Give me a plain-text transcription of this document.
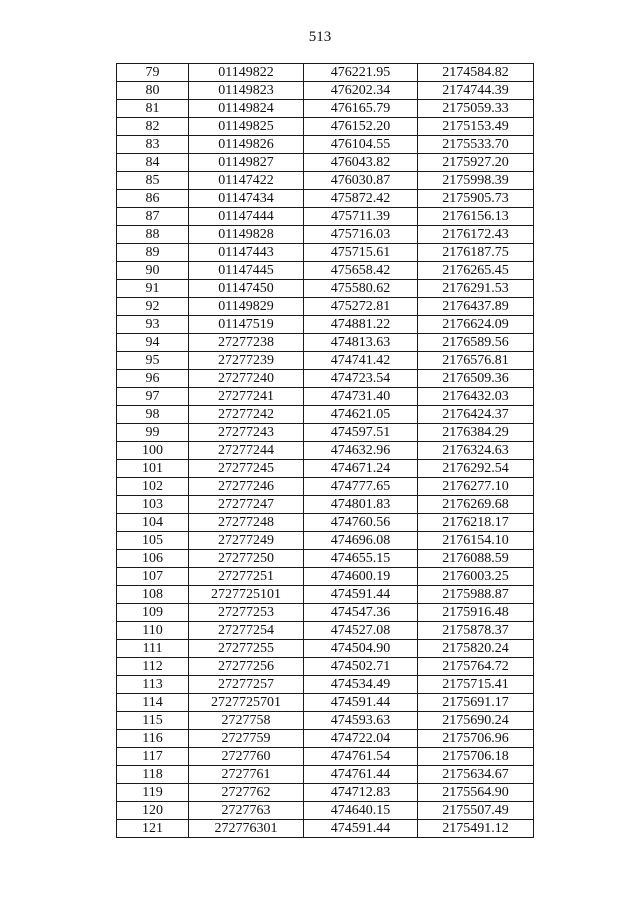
513
79	01149822	476221.95	2174584.82
80	01149823	476202.34	2174744.39
81	01149824	476165.79	2175059.33
82	01149825	476152.20	2175153.49
83	01149826	476104.55	2175533.70
84	01149827	476043.82	2175927.20
85	01147422	476030.87	2175998.39
86	01147434	475872.42	2175905.73
87	01147444	475711.39	2176156.13
88	01149828	475716.03	2176172.43
89	01147443	475715.61	2176187.75
90	01147445	475658.42	2176265.45
91	01147450	475580.62	2176291.53
92	01149829	475272.81	2176437.89
93	01147519	474881.22	2176624.09
94	27277238	474813.63	2176589.56
95	27277239	474741.42	2176576.81
96	27277240	474723.54	2176509.36
97	27277241	474731.40	2176432.03
98	27277242	474621.05	2176424.37
99	27277243	474597.51	2176384.29
100	27277244	474632.96	2176324.63
101	27277245	474671.24	2176292.54
102	27277246	474777.65	2176277.10
103	27277247	474801.83	2176269.68
104	27277248	474760.56	2176218.17
105	27277249	474696.08	2176154.10
106	27277250	474655.15	2176088.59
107	27277251	474600.19	2176003.25
108	2727725101	474591.44	2175988.87
109	27277253	474547.36	2175916.48
110	27277254	474527.08	2175878.37
111	27277255	474504.90	2175820.24
112	27277256	474502.71	2175764.72
113	27277257	474534.49	2175715.41
114	2727725701	474591.44	2175691.17
115	2727758	474593.63	2175690.24
116	2727759	474722.04	2175706.96
117	2727760	474761.54	2175706.18
118	2727761	474761.44	2175634.67
119	2727762	474712.83	2175564.90
120	2727763	474640.15	2175507.49
121	272776301	474591.44	2175491.12
